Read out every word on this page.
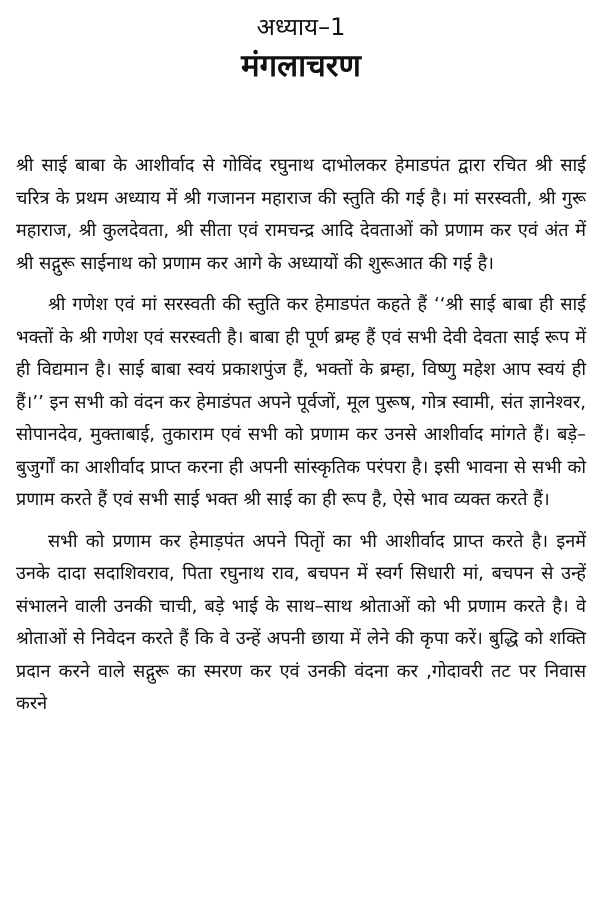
अध्याय–1
मंगलाचरण

श्री साई बाबा के आशीर्वाद से गोविंद रघुनाथ दाभोलकर हेमाडपंत द्वारा रचित श्री साई चरित्र के प्रथम अध्याय में श्री गजानन महाराज की स्तुति की गई है। मां सरस्वती, श्री गुरू महाराज, श्री कुलदेवता, श्री सीता एवं रामचन्द्र आदि देवताओं को प्रणाम कर एवं अंत में श्री सद्गुरू साईनाथ को प्रणाम कर आगे के अध्यायों की शुरूआत की गई है।

श्री गणेश एवं मां सरस्वती की स्तुति कर हेमाडपंत कहते हैं ‘‘श्री साई बाबा ही साई भक्तों के श्री गणेश एवं सरस्वती है। बाबा ही पूर्ण ब्रम्ह हैं एवं सभी देवी देवता साई रूप में ही विद्यमान है। साई बाबा स्वयं प्रकाशपुंज हैं, भक्तों के ब्रम्हा, विष्णु महेश आप स्वयं ही हैं।’’ इन सभी को वंदन कर हेमाडंपत अपने पूर्वजों, मूल पुरूष, गोत्र स्वामी, संत ज्ञानेश्वर, सोपानदेव, मुक्ताबाई, तुकाराम एवं सभी को प्रणाम कर उनसे आशीर्वाद मांगते हैं। बड़े–बुजुर्गों का आशीर्वाद प्राप्त करना ही अपनी सांस्कृतिक परंपरा है। इसी भावना से सभी को प्रणाम करते हैं एवं सभी साई भक्त श्री साई का ही रूप है, ऐसे भाव व्यक्त करते हैं।

सभी को प्रणाम कर हेमाड़पंत अपने पितृों का भी आशीर्वाद प्राप्त करते है। इनमें उनके दादा सदाशिवराव, पिता रघुनाथ राव, बचपन में स्वर्ग सिधारी मां, बचपन से उन्हें संभालने वाली उनकी चाची, बड़े भाई के साथ–साथ श्रोताओं को भी प्रणाम करते है। वे श्रोताओं से निवेदन करते हैं कि वे उन्हें अपनी छाया में लेने की कृपा करें। बुद्धि को शक्ति प्रदान करने वाले सद्गुरू का स्मरण कर एवं उनकी वंदना कर ,गोदावरी तट पर निवास करने
